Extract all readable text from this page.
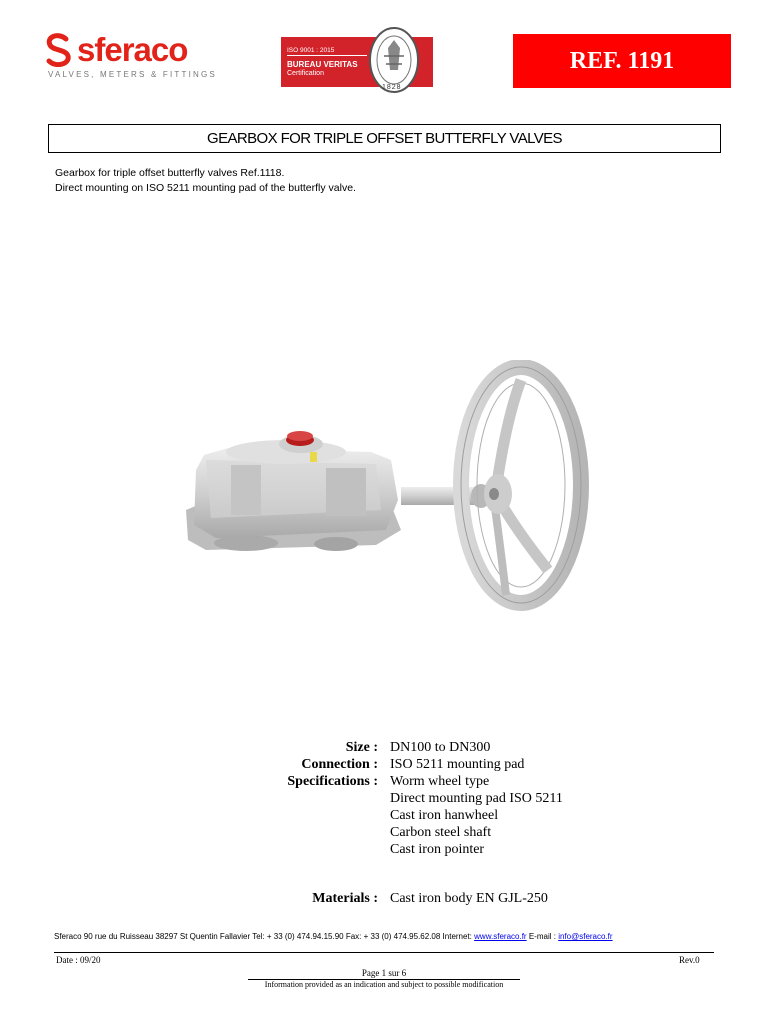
sferaco
VALVES, METERS & FITTINGS
ISO 9001 : 2015
BUREAU VERITAS
Certification
1828
REF. 1191
GEARBOX FOR TRIPLE OFFSET BUTTERFLY VALVES
Gearbox for triple offset butterfly valves Ref.1118.
Direct mounting on ISO 5211 mounting pad of the butterfly valve.
Size : DN100 to DN300
Connection : ISO 5211 mounting pad
Specifications : Worm wheel type
Direct mounting pad ISO 5211
Cast iron hanwheel
Carbon steel shaft
Cast iron pointer
Materials : Cast iron body EN GJL-250
Sferaco 90 rue du Ruisseau 38297 St Quentin Fallavier Tel: + 33 (0) 474.94.15.90 Fax: + 33 (0) 474.95.62.08 Internet: www.sferaco.fr E-mail : info@sferaco.fr
Date : 09/20	Rev.0
Page 1 sur 6
Information provided as an indication and subject to possible modification
